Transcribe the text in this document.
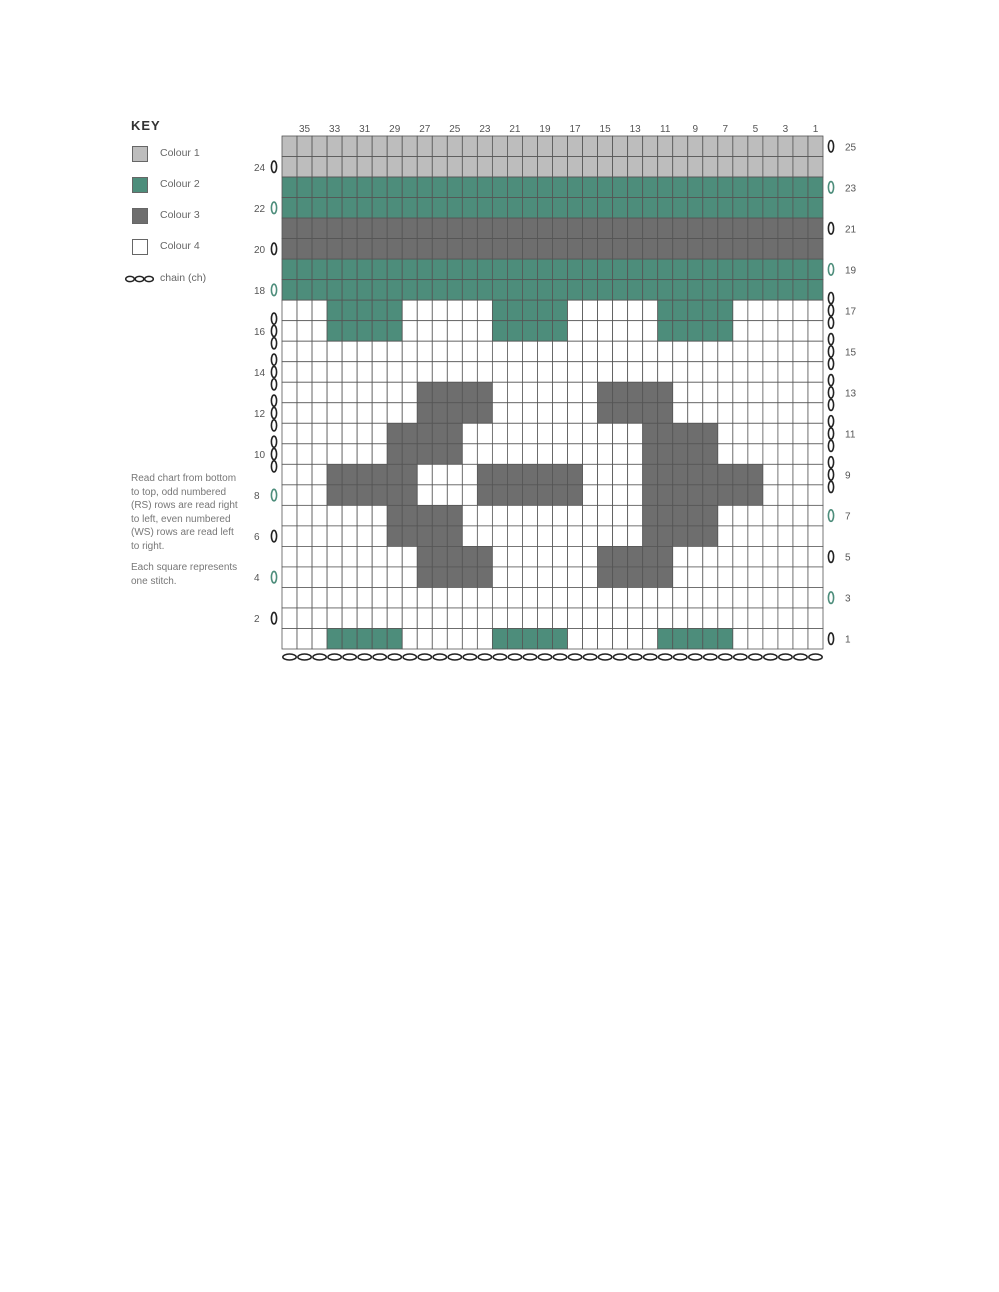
KEY
Colour 1
Colour 2
Colour 3
Colour 4
chain (ch)

Read chart from bottom to top, odd numbered (RS) rows are read right to left, even numbered (WS) rows are read left to right.

Each square represents one stitch.

35 33 31 29 27 25 23 21 19 17 15 13 11 9 7 5 3 1
1
2
3
4
5
6
7
8
9
10
11
12
13
14
15
16
17
18
19
20
21
22
23
24
25
